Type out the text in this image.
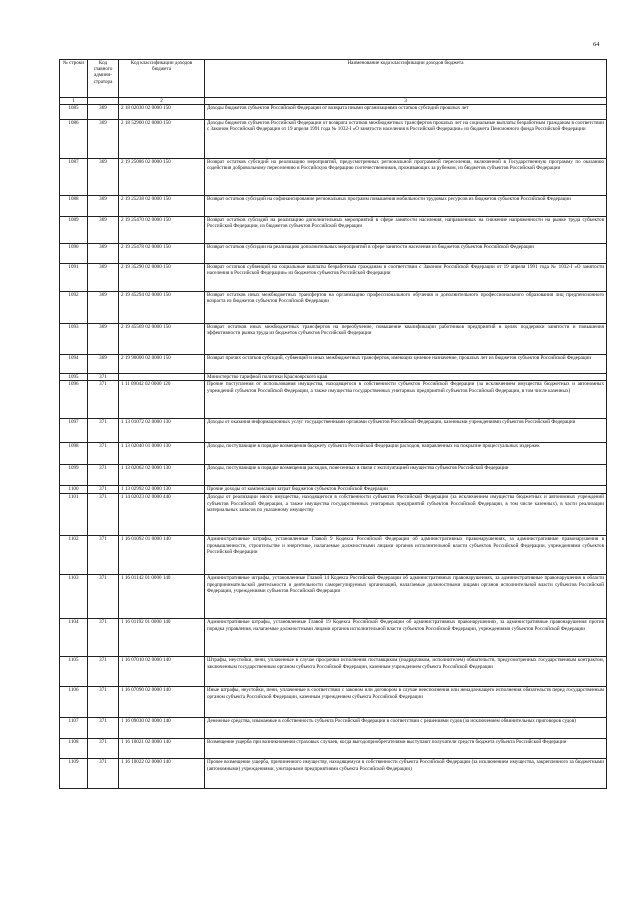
64
№ строки	Код главного админи-стратора	Код классификации доходов бюджета	Наименование кода классификации доходов бюджета
1		2	3
1085	369	2 18 02030 02 0000 150	Доходы бюджетов субъектов Российской Федерации от возврата иными организациями остатков субсидий прошлых лет
1086	369	2 18 52900 02 0000 150	Доходы бюджетов субъектов Российской Федерации от возврата остатков межбюджетных трансфертов прошлых лет на социальные выплаты безработным гражданам в соответствии с Законом Российской Федерации от 19 апреля 1991 года № 1032-I «О занятости населения в Российской Федерации» из бюджета Пенсионного фонда Российской Федерации
1087	369	2 19 25086 02 0000 150	Возврат остатков субсидий на реализацию мероприятий, предусмотренных региональной программой переселения, включенной в Государственную программу по оказанию содействия добровольному переселению в Российскую Федерацию соотечественников, проживающих за рубежом, из бюджетов субъектов Российской Федерации
1088	369	2 19 25238 02 0000 150	Возврат остатков субсидий на софинансирование региональных программ повышения мобильности трудовых ресурсов из бюджетов субъектов Российской Федерации
1089	369	2 19 25470 02 0000 150	Возврат остатков субсидий на реализацию дополнительных мероприятий в сфере занятости населения, направленных на снижение напряженности на рынке труда субъектов Российской Федерации, из бюджетов субъектов Российской Федерации
1090	369	2 19 25478 02 0000 150	Возврат остатков субсидии на реализацию дополнительных мероприятий в сфере занятости населения из бюджетов субъектов Российской Федерации
1091	369	2 19 35290 02 0000 150	Возврат остатков субвенций на социальные выплаты безработным гражданам в соответствии с Законом Российской Федерации от 19 апреля 1991 года № 1032-I «О занятости населения в Российской Федерации» из бюджетов субъектов Российской Федерации
1092	369	2 19 45294 02 0000 150	Возврат остатков иных межбюджетных трансфертов на организацию профессионального обучения и дополнительного профессионального образования лиц предпенсионного возраста из бюджетов субъектов Российской Федерации
1093	369	2 19 45569 02 0000 150	Возврат остатков иных межбюджетных трансфертов на переобучение, повышение квалификации работников предприятий в целях поддержки занятости и повышения эффективности рынка труда из бюджетов субъектов Российской Федерации
1094	369	2 19 90000 02 0000 150	Возврат прочих остатков субсидий, субвенций и иных межбюджетных трансфертов, имеющих целевое назначение, прошлых лет из бюджетов субъектов Российской Федерации
1095	371		Министерство тарифной политики Красноярского края
1096	371	1 11 09042 02 0000 120	Прочие поступления от использования имущества, находящегося в собственности субъектов Российской Федерации (за исключением имущества бюджетных и автономных учреждений субъектов Российской Федерации, а также имущества государственных унитарных предприятий субъектов Российской Федерации, в том числе казенных)
1097	371	1 13 01072 02 0000 130	Доходы от оказания информационных услуг государственными органами субъектов Российской Федерации, казенными учреждениями субъектов Российской Федерации
1098	371	1 13 02040 01 0000 130	Доходы, поступающие в порядке возмещения бюджету субъекта Российской Федерации расходов, направленных на покрытие процессуальных издержек
1099	371	1 13 02062 02 0000 130	Доходы, поступающие в порядке возмещения расходов, понесенных в связи с эксплуатацией имущества субъектов Российской Федерации
1100	371	1 13 02992 02 0000 130	Прочие доходы от компенсации затрат бюджетов субъектов Российской Федерации
1101	371	1 14 02023 02 0000 440	Доходы от реализации иного имущества, находящегося в собственности субъектов Российской Федерации (за исключением имущества бюджетных и автономных учреждений субъектов Российской Федерации, а также имущества государственных унитарных предприятий субъектов Российской Федерации, в том числе казенных), в части реализации материальных запасов по указанному имуществу
1102	371	1 16 01092 01 0000 140	Административные штрафы, установленные Главой 9 Кодекса Российской Федерации об административных правонарушениях, за административные правонарушения в промышленности, строительстве и энергетике, налагаемые должностными лицами органов исполнительной власти субъектов Российской Федерации, учреждениями субъектов Российской Федерации
1103	371	1 16 01142 01 0000 140	Административные штрафы, установленные Главой 14 Кодекса Российской Федерации об административных правонарушениях, за административные правонарушения в области предпринимательской деятельности и деятельности саморегулируемых организаций, налагаемые должностными лицами органов исполнительной власти субъектов Российской Федерации, учреждениями субъектов Российской Федерации
1104	371	1 16 01192 01 0000 140	Административные штрафы, установленные Главой 19 Кодекса Российской Федерации об административных правонарушениях, за административные правонарушения против порядка управления, налагаемые должностными лицами органов исполнительной власти субъектов Российской Федерации, учреждениями субъектов Российской Федерации
1105	371	1 16 07010 02 0000 140	Штрафы, неустойки, пени, уплаченные в случае просрочки исполнения поставщиком (подрядчиком, исполнителем) обязательств, предусмотренных государственным контрактом, заключенным государственным органом субъекта Российской Федерации, казенным учреждением субъекта Российской Федерации
1106	371	1 16 07090 02 0000 140	Иные штрафы, неустойки, пени, уплаченные в соответствии с законом или договором в случае неисполнения или ненадлежащего исполнения обязательств перед государственным органом субъекта Российской Федерации, казенным учреждением субъекта Российской Федерации
1107	371	1 16 09030 02 0000 140	Денежные средства, изымаемые в собственность субъекта Российской Федерации в соответствии с решениями судов (за исключением обвинительных приговоров судов)
1108	371	1 16 10021 02 0000 140	Возмещение ущерба при возникновении страховых случаев, когда выгодоприобретателями выступают получатели средств бюджета субъекта Российской Федерации
1109	371	1 16 10022 02 0000 140	Прочее возмещение ущерба, причиненного имуществу, находящемуся в собственности субъекта Российской Федерации (за исключением имущества, закрепленного за бюджетными (автономными) учреждениями, унитарными предприятиями субъекта Российской Федерации)
